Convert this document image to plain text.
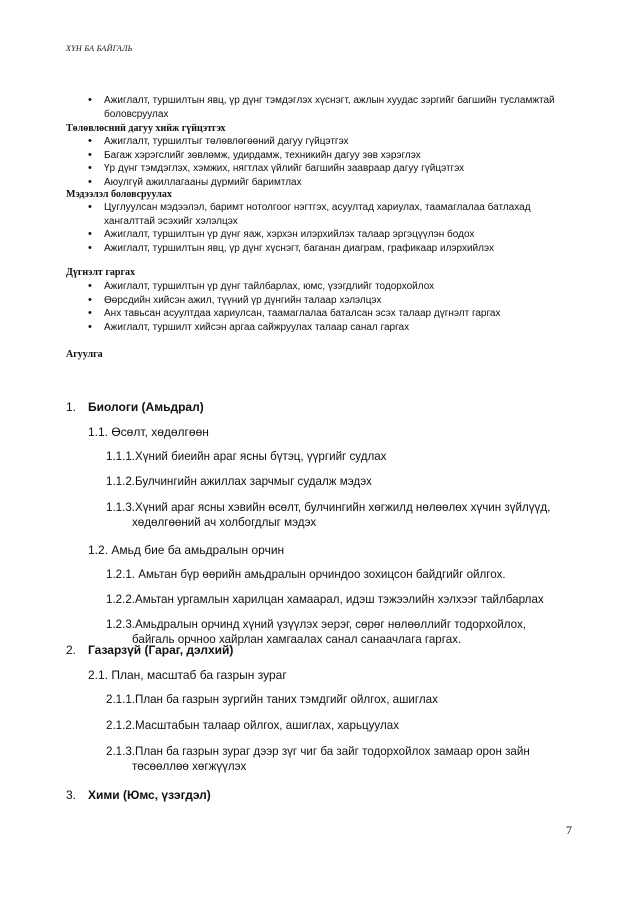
ХҮН БА БАЙГАЛЬ
• Ажиглалт, туршилтын явц, үр дүнг тэмдэглэх хүснэгт, ажлын хуудас зэргийг багшийн тусламжтай боловсруулах
Төлөвлөсний дагуу хийж гүйцэтгэх
• Ажиглалт, туршилтыг төлөвлөгөөний дагуу гүйцэтгэх
• Багаж хэрэгслийг зөвлөмж, удирдамж, техникийн дагуу зөв хэрэглэх
• Үр дүнг тэмдэглэх, хэмжих, нягтлах үйлийг багшийн заавраар дагуу гүйцэтгэх
• Аюулгүй ажиллагааны дүрмийг баримтлах
Мэдээлэл боловсруулах
• Цуглуулсан мэдээлэл, баримт нотолгоог нэгтгэх, асуултад хариулах, таамаглалаа батлахад хангалттай эсэхийг хэлэлцэх
• Ажиглалт, туршилтын үр дүнг яаж, хэрхэн илэрхийлэх талаар эргэцүүлэн бодох
• Ажиглалт, туршилтын явц, үр дүнг хүснэгт, баганан диаграм, графикаар илэрхийлэх
Дүгнэлт гаргах
• Ажиглалт, туршилтын үр дүнг тайлбарлах, юмс, үзэгдлийг тодорхойлох
• Өөрсдийн хийсэн ажил, түүний үр дүнгийн талаар хэлэлцэх
• Анх тавьсан асуултдаа хариулсан, таамаглалаа баталсан эсэх талаар дүгнэлт гаргах
• Ажиглалт, туршилт хийсэн аргаа сайжруулах талаар санал гаргах
Агуулга
1. Биологи (Амьдрал)
1.1. Өсөлт, хөдөлгөөн
1.1.1.Хүний биеийн араг ясны бүтэц, үүргийг судлах
1.1.2.Булчингийн ажиллах зарчмыг судалж мэдэх
1.1.3.Хүний араг ясны хэвийн өсөлт, булчингийн хөгжилд нөлөөлөх хүчин зүйлүүд,
хөдөлгөөний ач холбогдлыг мэдэх
1.2. Амьд бие ба амьдралын орчин
1.2.1. Амьтан бүр өөрийн амьдралын орчиндоо зохицсон байдгийг ойлгох.
1.2.2.Амьтан ургамлын харилцан хамаарал, идэш тэжээлийн хэлхээг тайлбарлах
1.2.3.Амьдралын орчинд хүний үзүүлэх эерэг, сөрөг нөлөөллийг тодорхойлох,
байгаль орчноо хайрлан хамгаалах санал санаачлага гаргах.
2. Газарзүй (Гараг, дэлхий)
2.1. План, масштаб ба газрын зураг
2.1.1.План ба газрын зургийн таних тэмдгийг ойлгох, ашиглах
2.1.2.Масштабын талаар ойлгох, ашиглах, харьцуулах
2.1.3.План ба газрын зураг дээр зүг чиг ба зайг тодорхойлох замаар орон зайн
төсөөллөө хөгжүүлэх
3. Хими (Юмс, үзэгдэл)
7
